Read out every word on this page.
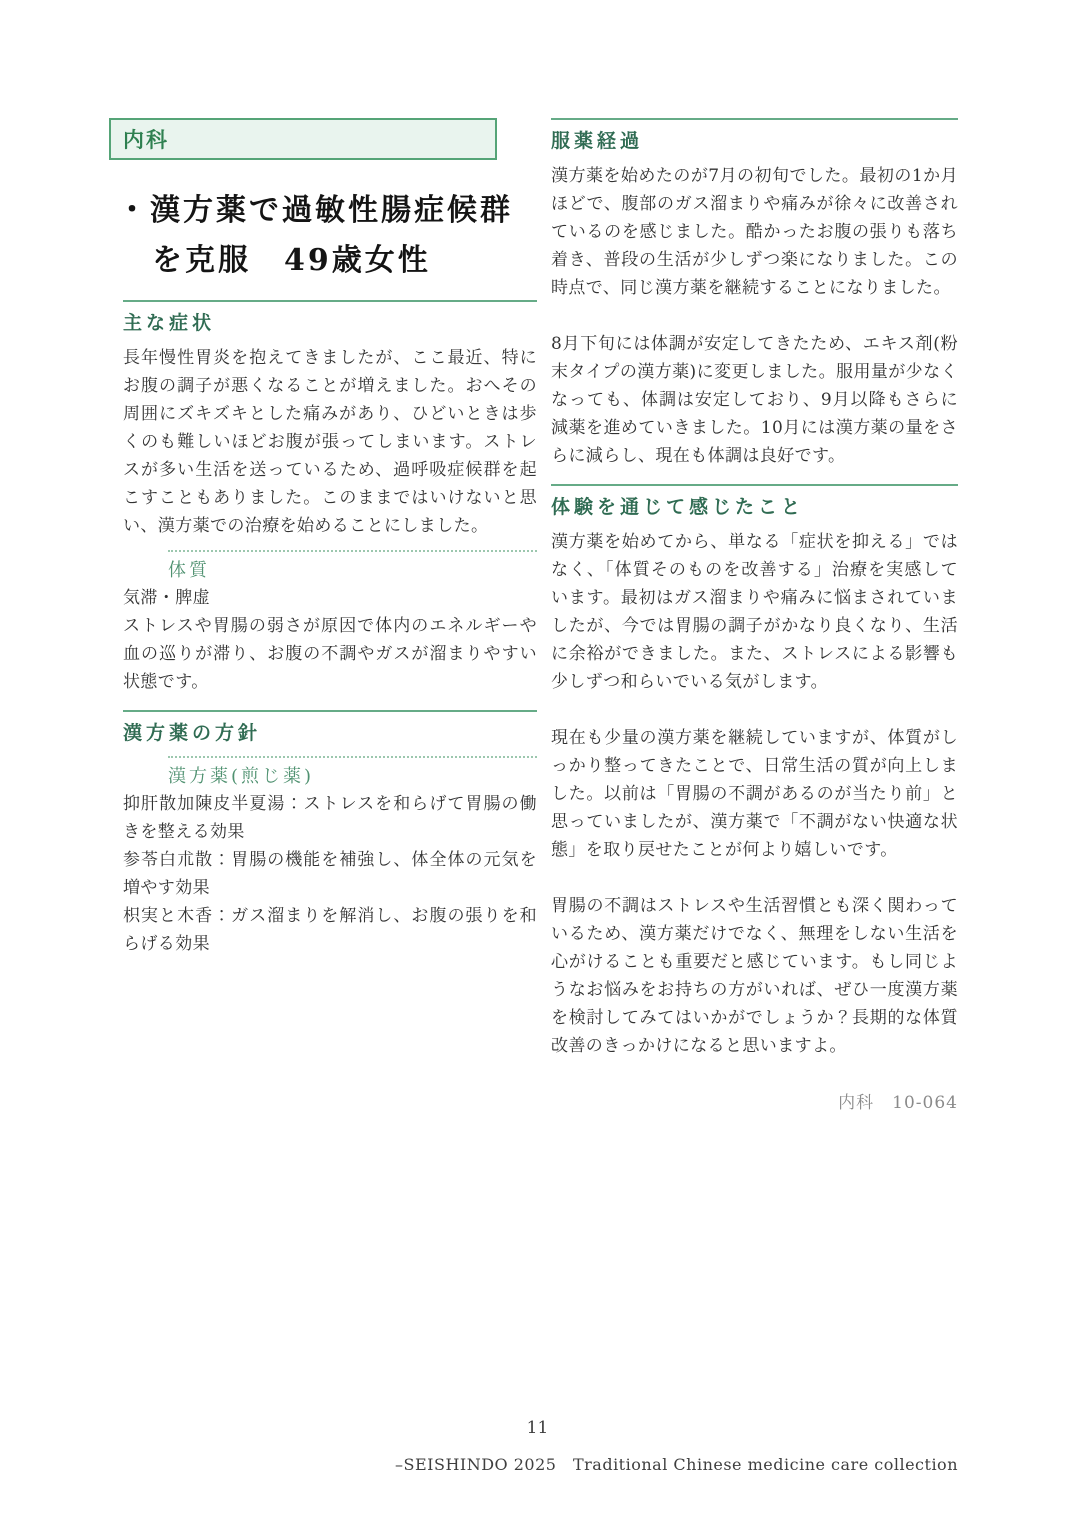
内科
・漢方薬で過敏性腸症候群
を克服　49歳女性
主な症状

長年慢性胃炎を抱えてきましたが、ここ最近、特にお腹の調子が悪くなることが増えました。おへその周囲にズキズキとした痛みがあり、ひどいときは歩くのも難しいほどお腹が張ってしまいます。ストレスが多い生活を送っているため、過呼吸症候群を起こすこともありました。このままではいけないと思い、漢方薬での治療を始めることにしました。

体質

気滞・脾虚

ストレスや胃腸の弱さが原因で体内のエネルギーや血の巡りが滞り、お腹の不調やガスが溜まりやすい状態です。

漢方薬の方針
漢方薬(煎じ薬)

抑肝散加陳皮半夏湯：ストレスを和らげて胃腸の働きを整える効果

参苓白朮散：胃腸の機能を補強し、体全体の元気を増やす効果

枳実と木香：ガス溜まりを解消し、お腹の張りを和らげる効果

服薬経過

漢方薬を始めたのが7月の初旬でした。最初の1か月ほどで、腹部のガス溜まりや痛みが徐々に改善されているのを感じました。酷かったお腹の張りも落ち着き、普段の生活が少しずつ楽になりました。この時点で、同じ漢方薬を継続することになりました。

8月下旬には体調が安定してきたため、エキス剤(粉末タイプの漢方薬)に変更しました。服用量が少なくなっても、体調は安定しており、9月以降もさらに減薬を進めていきました。10月には漢方薬の量をさらに減らし、現在も体調は良好です。

体験を通じて感じたこと

漢方薬を始めてから、単なる「症状を抑える」ではなく、「体質そのものを改善する」治療を実感しています。最初はガス溜まりや痛みに悩まされていましたが、今では胃腸の調子がかなり良くなり、生活に余裕ができました。また、ストレスによる影響も少しずつ和らいでいる気がします。

現在も少量の漢方薬を継続していますが、体質がしっかり整ってきたことで、日常生活の質が向上しました。以前は「胃腸の不調があるのが当たり前」と思っていましたが、漢方薬で「不調がない快適な状態」を取り戻せたことが何より嬉しいです。

胃腸の不調はストレスや生活習慣とも深く関わっているため、漢方薬だけでなく、無理をしない生活を心がけることも重要だと感じています。もし同じようなお悩みをお持ちの方がいれば、ぜひ一度漢方薬を検討してみてはいかがでしょうか？長期的な体質改善のきっかけになると思いますよ。

内科　10-064
11
–SEISHINDO 2025　Traditional Chinese medicine care collection
